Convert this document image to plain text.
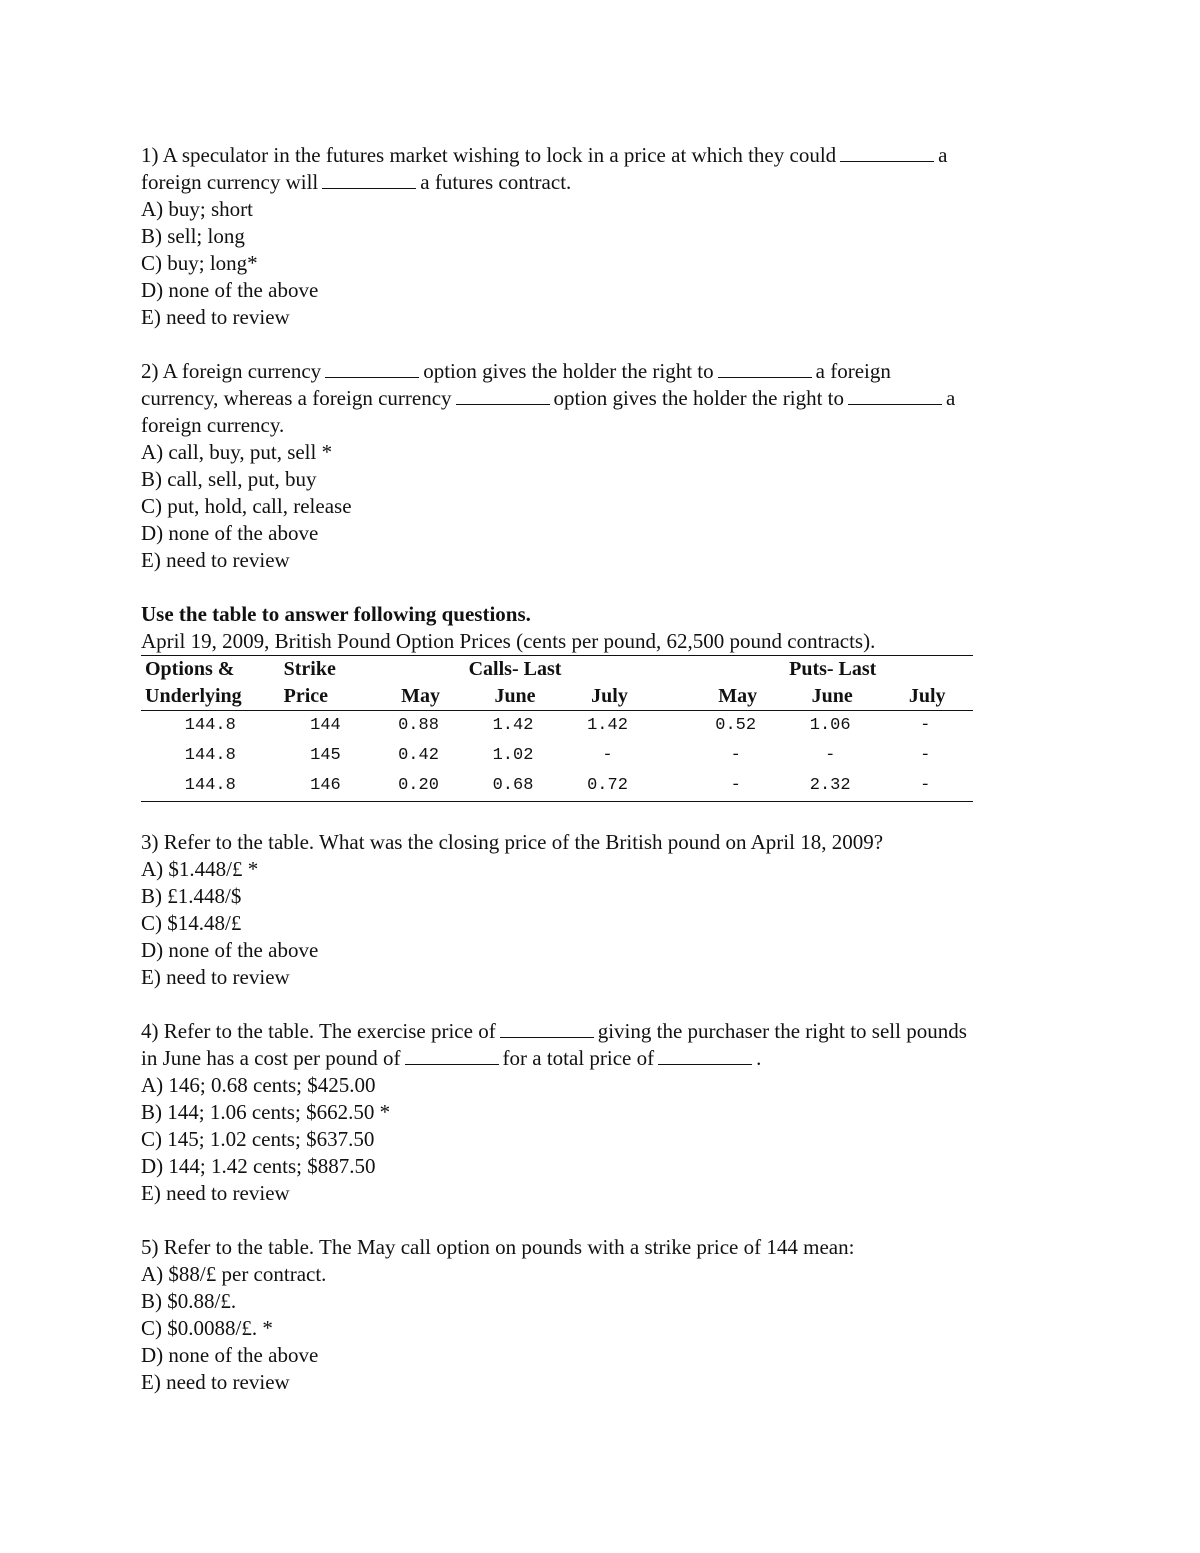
1) A speculator in the futures market wishing to lock in a price at which they could	a
foreign currency will	a futures contract.
A) buy; short
B) sell; long
C) buy; long*
D) none of the above
E) need to review
2) A foreign currency	option gives the holder the right to	a foreign
currency, whereas a foreign currency	option gives the holder the right to	a
foreign currency.
A) call, buy, put, sell *
B) call, sell, put, buy
C) put, hold, call, release
D) none of the above
E) need to review
Use the table to answer following questions.
April 19, 2009, British Pound Option Prices (cents per pound, 62,500 pound contracts).
Options &	Strike	Calls- Last				Puts- Last		
Underlying	Price	May	June	July		May	June	July
144.8	144	0.88	1.42	1.42		0.52	1.06	-
144.8	145	0.42	1.02	-		-	-	-
144.8	146	0.20	0.68	0.72		-	2.32	-
3) Refer to the table. What was the closing price of the British pound on April 18, 2009?
A) $1.448/£ *
B) £1.448/$
C) $14.48/£
D) none of the above
E) need to review
4) Refer to the table. The exercise price of	giving the purchaser the right to sell pounds
in June has a cost per pound of	for a total price of	.
A) 146; 0.68 cents; $425.00
B) 144; 1.06 cents; $662.50 *
C) 145; 1.02 cents; $637.50
D) 144; 1.42 cents; $887.50
E) need to review
5) Refer to the table. The May call option on pounds with a strike price of 144 mean:
A) $88/£ per contract.
B) $0.88/£.
C) $0.0088/£. *
D) none of the above
E) need to review
